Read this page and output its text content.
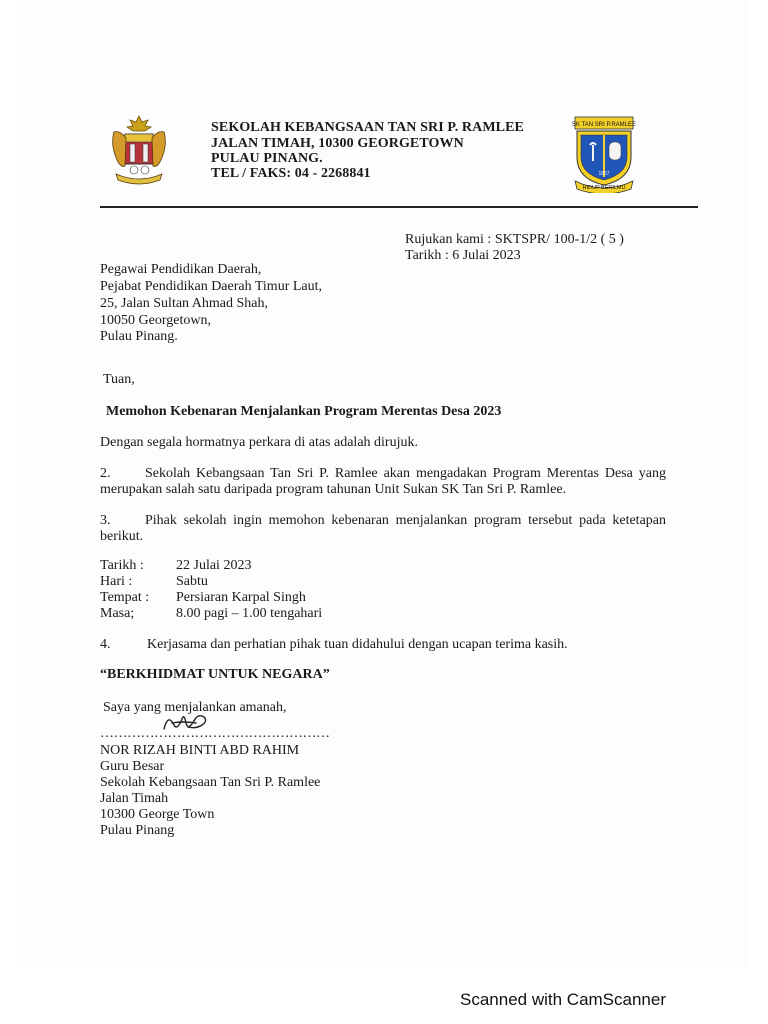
SEKOLAH KEBANGSAAN TAN SRI P. RAMLEE
JALAN TIMAH, 10300 GEORGETOWN
PULAU PINANG.
TEL / FAKS: 04 - 2268841
SK TAN SRI P.RAMLEE
1867
HIDUP BERILMU
Rujukan kami : SKTSPR/ 100-1/2 ( 5 )
Tarikh : 6 Julai 2023
Pegawai Pendidikan Daerah,
Pejabat Pendidikan Daerah Timur Laut,
25, Jalan Sultan Ahmad Shah,
10050 Georgetown,
Pulau Pinang.
Tuan,
Memohon Kebenaran Menjalankan Program Merentas Desa 2023
Dengan segala hormatnya perkara di atas adalah dirujuk.
2. Sekolah Kebangsaan Tan Sri P. Ramlee akan mengadakan Program Merentas Desa yang
merupakan salah satu daripada program tahunan Unit Sukan SK Tan Sri P. Ramlee.
3. Pihak sekolah ingin memohon kebenaran menjalankan program tersebut pada ketetapan
berikut.
Tarikh : 22 Julai 2023
Hari :	Sabtu
Tempat : Persiaran Karpal Singh
Masa;	8.00 pagi – 1.00 tengahari
4.	Kerjasama dan perhatian pihak tuan didahului dengan ucapan terima kasih.
“BERKHIDMAT UNTUK NEGARA”
Saya yang menjalankan amanah,
……………………………………………
NOR RIZAH BINTI ABD RAHIM
Guru Besar
Sekolah Kebangsaan Tan Sri P. Ramlee
Jalan Timah
10300 George Town
Pulau Pinang
Scanned with CamScanner
